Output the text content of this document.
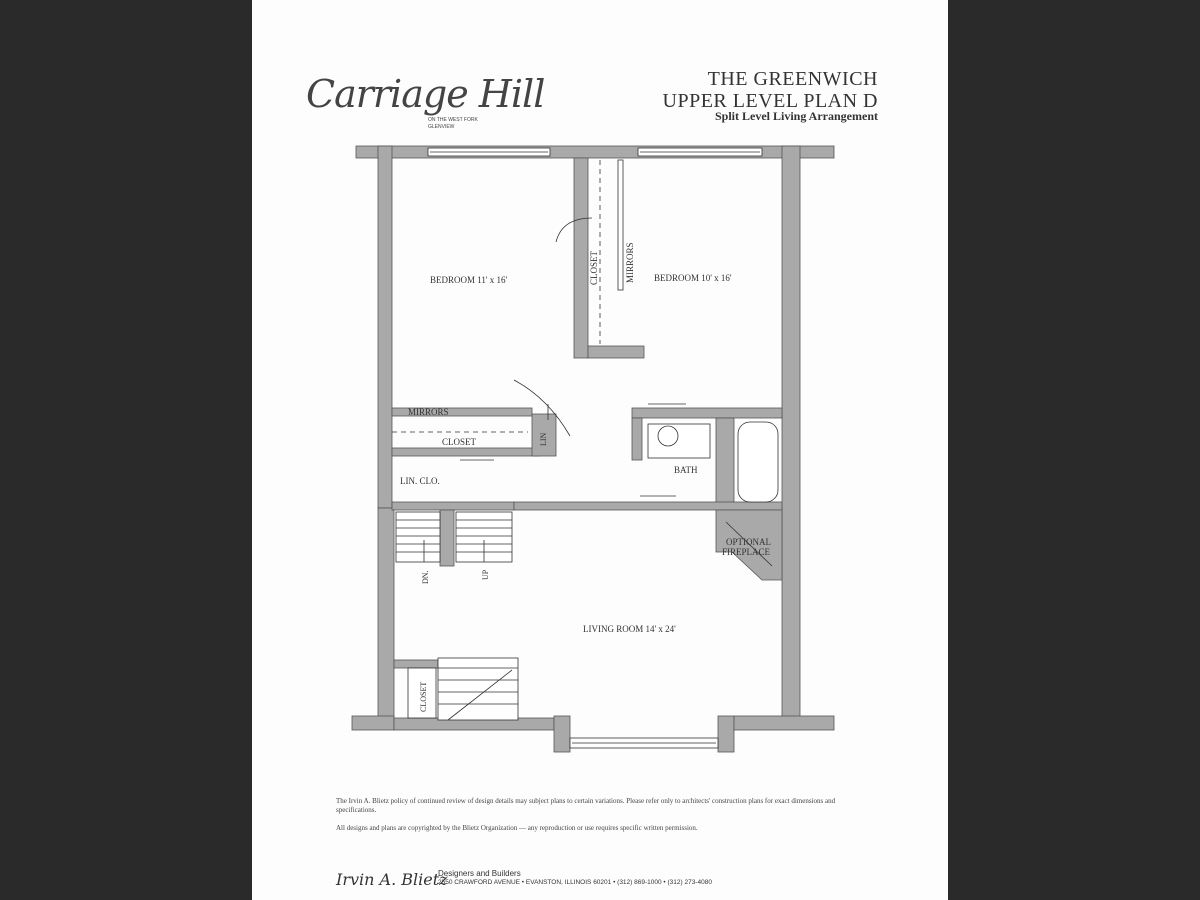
Carriage Hill
ON THE WEST FORK
GLENVIEW
THE GREENWICH
UPPER LEVEL PLAN D
Split Level Living Arrangement
BEDROOM 11' x 16'	BEDROOM 10' x 16'
CLOSET	MIRRORS
MIRRORS
CLOSET	LIN
LIN. CLO.
BATH
OPTIONAL
FIREPLACE
DN.	UP
LIVING ROOM 14' x 24'
CLOSET
The Irvin A. Blietz policy of continued review of design details may subject plans to certain variations. Please refer only to architects' construction plans for exact dimensions and specifications.
All designs and plans are copyrighted by the Blietz Organization — any reproduction or use requires specific written permission.
Irvin A. Blietz
Designers and Builders
2550 CRAWFORD AVENUE • EVANSTON, ILLINOIS 60201 • (312) 869-1000 • (312) 273-4080
